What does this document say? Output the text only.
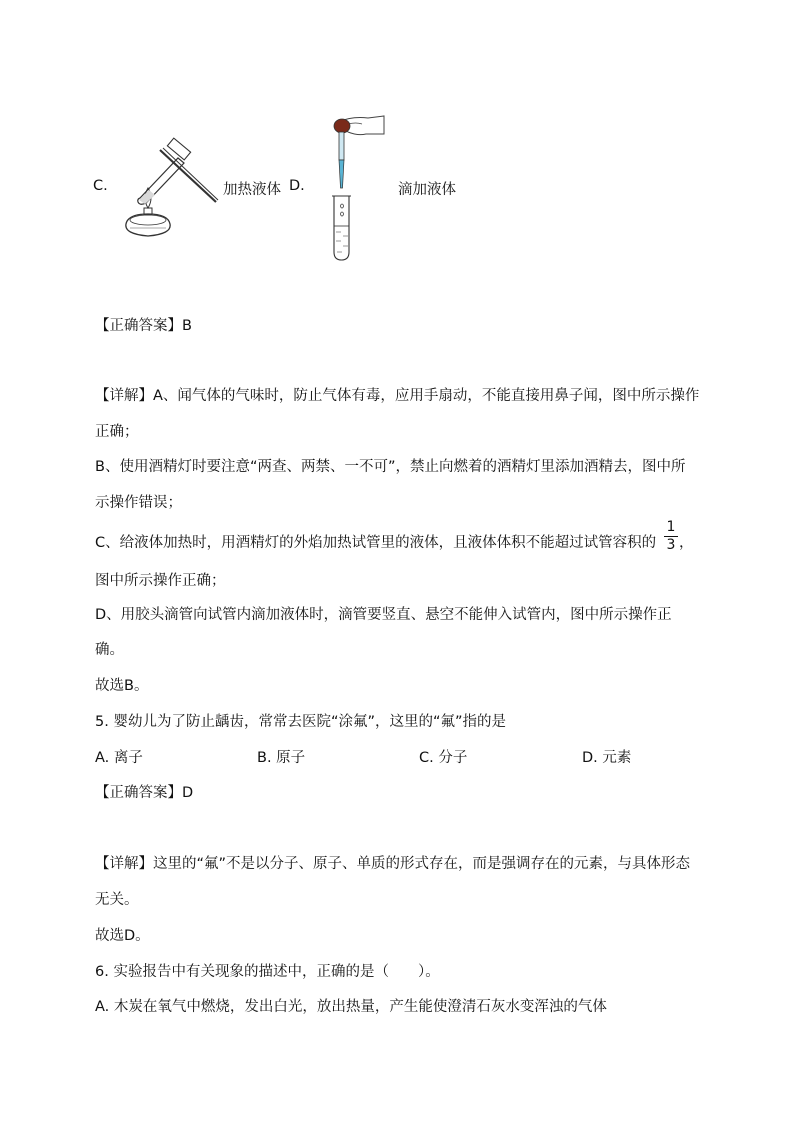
C.	加热液体 D.	滴加液体
【正确答案】B
【详解】A、闻气体的气味时，防止气体有毒，应用手扇动，不能直接用鼻子闻，图中所示操作
正确；
B、使用酒精灯时要注意“两查、两禁、一不可”，禁止向燃着的酒精灯里添加酒精去，图中所
示操作错误；
C、给液体加热时，用酒精灯的外焰加热试管里的液体，且液体体积不能超过试管容积的
1
3 ，
图中所示操作正确；
D、用胶头滴管向试管内滴加液体时，滴管要竖直、悬空不能伸入试管内，图中所示操作正
确。
故选B。
5. 婴幼儿为了防止龋齿，常常去医院“涂氟”，这里的“氟”指的是
A. 离子	B. 原子	C. 分子	D. 元素
【正确答案】D
【详解】这里的“氟”不是以分子、原子、单质的形式存在，而是强调存在的元素，与具体形态
无关。
故选D。
6. 实验报告中有关现象的描述中，正确的是（　　）。
A. 木炭在氧气中燃烧，发出白光，放出热量，产生能使澄清石灰水变浑浊的气体
